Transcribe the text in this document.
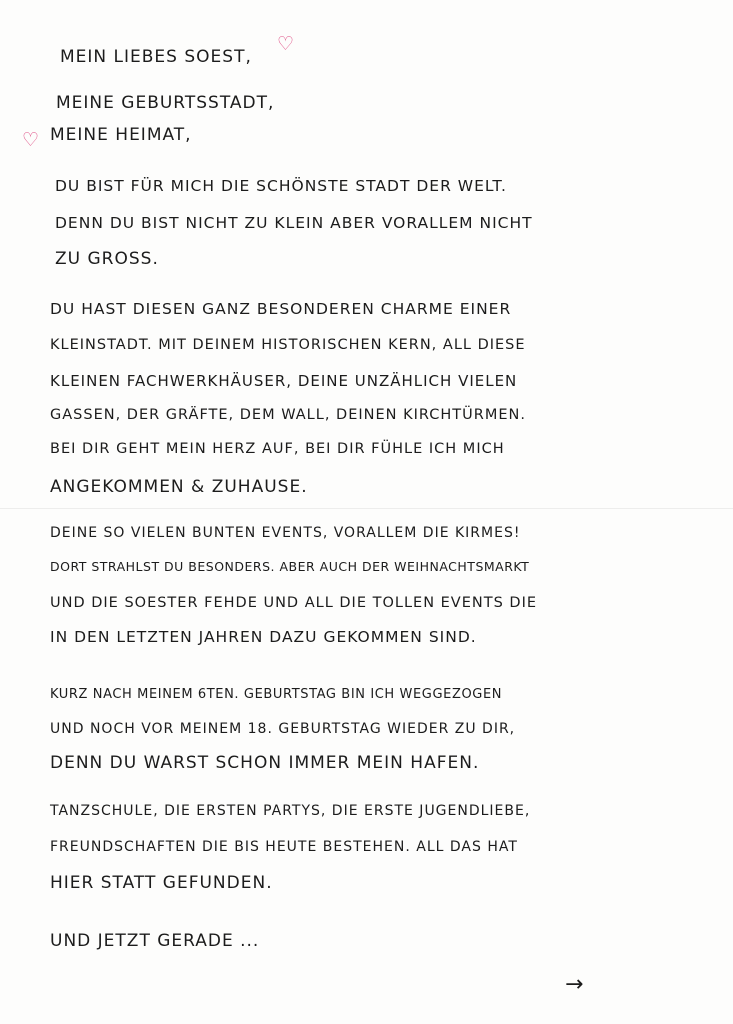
♡
♡
MEIN LIEBES SOEST,
MEINE GEBURTSSTADT,
MEINE HEIMAT,
DU BIST FÜR MICH DIE SCHÖNSTE STADT DER WELT.
DENN DU BIST NICHT ZU KLEIN ABER VORALLEM NICHT
ZU GROSS.
DU HAST DIESEN GANZ BESONDEREN CHARME EINER
KLEINSTADT. MIT DEINEM HISTORISCHEN KERN, ALL DIESE
KLEINEN FACHWERKHÄUSER, DEINE UNZÄHLICH VIELEN
GASSEN, DER GRÄFTE, DEM WALL, DEINEN KIRCHTÜRMEN.
BEI DIR GEHT MEIN HERZ AUF, BEI DIR FÜHLE ICH MICH
ANGEKOMMEN & ZUHAUSE.
DEINE SO VIELEN BUNTEN EVENTS, VORALLEM DIE KIRMES!
DORT STRAHLST DU BESONDERS. ABER AUCH DER WEIHNACHTSMARKT
UND DIE SOESTER FEHDE UND ALL DIE TOLLEN EVENTS DIE
IN DEN LETZTEN JAHREN DAZU GEKOMMEN SIND.
KURZ NACH MEINEM 6TEN. GEBURTSTAG BIN ICH WEGGEZOGEN
UND NOCH VOR MEINEM 18. GEBURTSTAG WIEDER ZU DIR,
DENN DU WARST SCHON IMMER MEIN HAFEN.
TANZSCHULE, DIE ERSTEN PARTYS, DIE ERSTE JUGENDLIEBE,
FREUNDSCHAFTEN DIE BIS HEUTE BESTEHEN. ALL DAS HAT
HIER STATT GEFUNDEN.
UND JETZT GERADE ...
→
